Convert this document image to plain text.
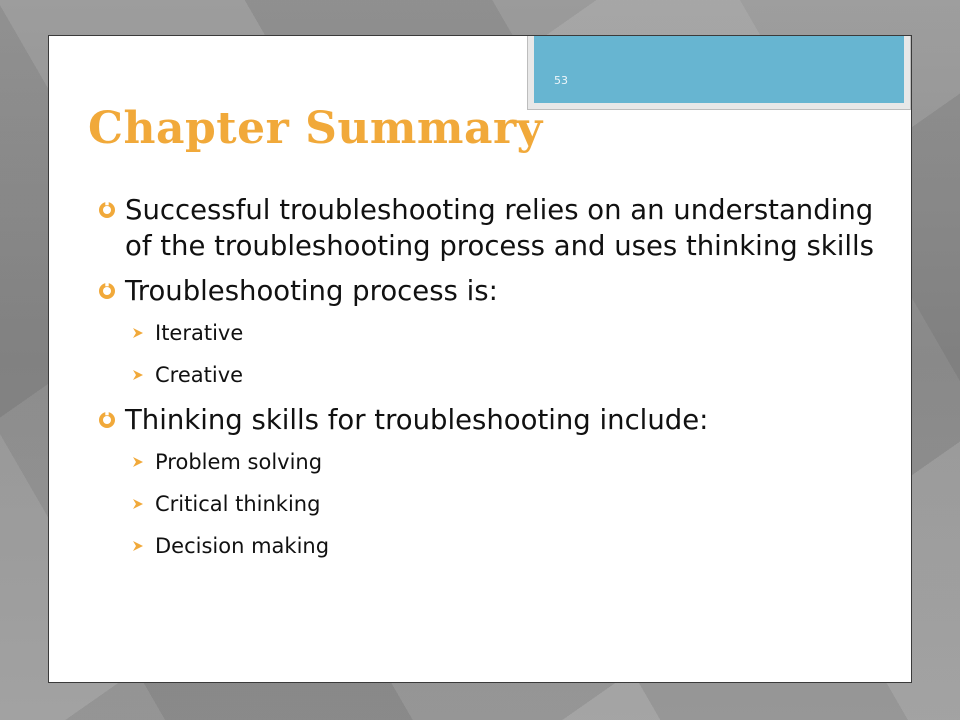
53
Chapter Summary
Successful troubleshooting relies on an understanding of the troubleshooting process and uses thinking skills
Troubleshooting process is:
Iterative
Creative
Thinking skills for troubleshooting include:
Problem solving
Critical thinking
Decision making
